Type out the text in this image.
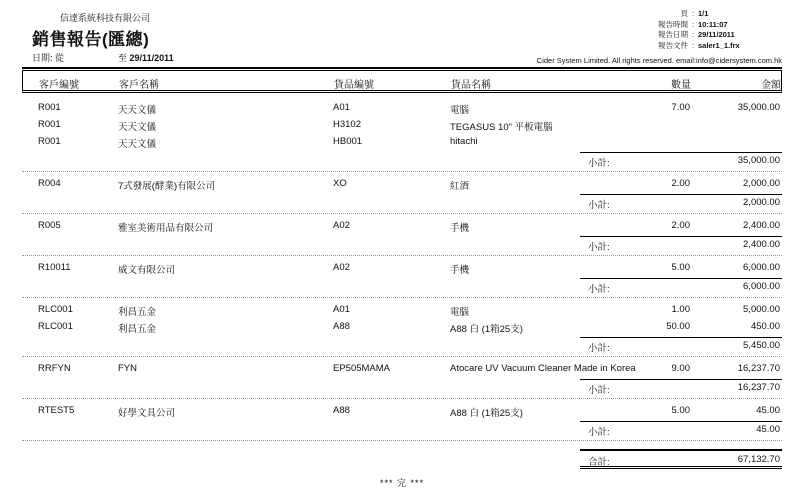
信達系統科技有限公司
銷售報告(匯總)
日期: 從	至 29/11/2011
頁 : 1/1
報告時間 : 10:11:07
報告日期 : 29/11/2011
報告文件 : saler1_1.frx
Cider System Limited. All rights reserved. email:info@cidersystem.com.hk
客戶編號	客戶名稱	貨品編號	貨品名稱	數量	金額
R001	天天文儀	A01	電腦	7.00	35,000.00
R001	天天文儀	H3102	TEGASUS 10" 平板電腦
R001	天天文儀	HB001	hitachi
小計:	35,000.00
R004	7式發展(酵業)有限公司	XO	紅酒	2.00	2,000.00
小計:	2,000.00
R005	雅室美術用品有限公司	A02	手機	2.00	2,400.00
小計:	2,400.00
R10011	威文有限公司	A02	手機	5.00	6,000.00
小計:	6,000.00
RLC001	利昌五金	A01	電腦	1.00	5,000.00
RLC001	利昌五金	A88	A88 白 (1箱25支)	50.00	450.00
小計:	5,450.00
RRFYN	FYN	EP505MAMA	Atocare UV Vacuum Cleaner Made in Korea	9.00	16,237.70
小計:	16,237.70
RTEST5	好學文具公司	A88	A88 白 (1箱25支)	5.00	45.00
小計:	45.00
合計:	67,132.70
*** 完 ***
